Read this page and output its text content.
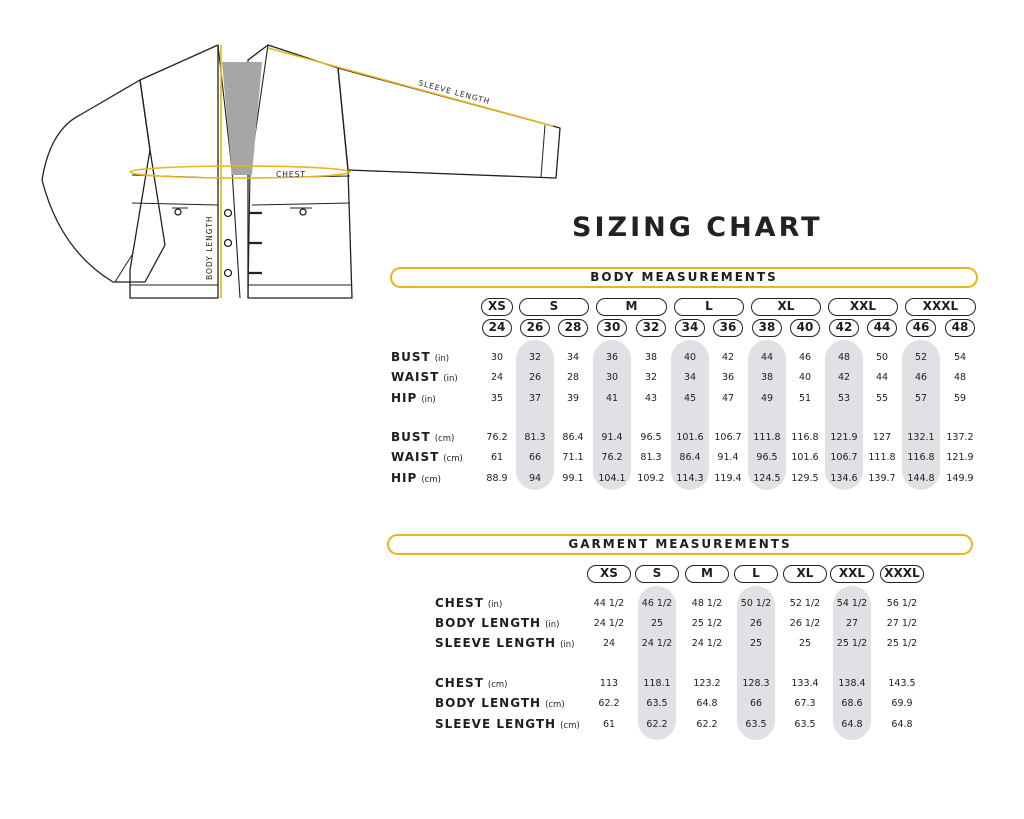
SLEEVE LENGTH
CHEST
BODY LENGTH	SIZING CHART
BODY MEASUREMENTS
XS	S	M	L	XL	XXL	XXXL
24	26	28	30	32	34	36	38	40	42	44	46	48
BUST (in)	30	32	34	36	38	40	42	44	46	48	50	52	54
WAIST (in)	24	26	28	30	32	34	36	38	40	42	44	46	48
HIP (in)	35	37	39	41	43	45	47	49	51	53	55	57	59
BUST (cm)	76.2	81.3	86.4	91.4	96.5	101.6	106.7	111.8	116.8	121.9	127	132.1	137.2
WAIST (cm)	61	66	71.1	76.2	81.3	86.4	91.4	96.5	101.6	106.7	111.8	116.8	121.9
HIP (cm)	88.9	94	99.1	104.1	109.2	114.3	119.4	124.5	129.5	134.6	139.7	144.8	149.9
GARMENT MEASUREMENTS
XS	S	M	L	XL	XXL	XXXL
CHEST (in)	44 1/2	46 1/2	48 1/2	50 1/2	52 1/2	54 1/2	56 1/2
BODY LENGTH (in)	24 1/2	25	25 1/2	26	26 1/2	27	27 1/2
SLEEVE LENGTH (in)	24	24 1/2	24 1/2	25	25	25 1/2	25 1/2
CHEST (cm)	113	118.1	123.2	128.3	133.4	138.4	143.5
BODY LENGTH (cm)	62.2	63.5	64.8	66	67.3	68.6	69.9
SLEEVE LENGTH (cm)	61	62.2	62.2	63.5	63.5	64.8	64.8
